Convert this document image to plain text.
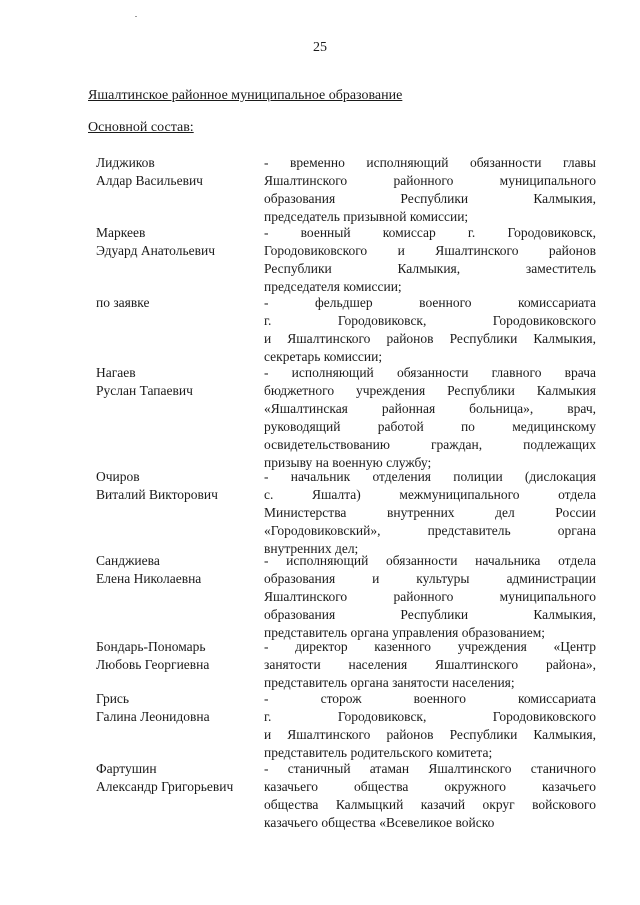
25
Яшалтинское районное муниципальное образование
Основной состав:
Лиджиков
Алдар Васильевич
- временно исполняющий обязанности главы
Яшалтинского районного муниципального
образования Республики Калмыкия,
председатель призывной комиссии;
Маркеев
Эдуард Анатольевич
- военный комиссар г. Городовиковск,
Городовиковского и Яшалтинского районов
Республики Калмыкия, заместитель
председателя комиссии;
по заявке	- фельдшер военного комиссариата
г. Городовиковск, Городовиковского
и Яшалтинского районов Республики Калмыкия,
секретарь комиссии;
Нагаев
Руслан Тапаевич
- исполняющий обязанности главного врача
бюджетного учреждения Республики Калмыкия
«Яшалтинская районная больница», врач,
руководящий работой по медицинскому
освидетельствованию граждан, подлежащих
призыву на военную службу;
Очиров
Виталий Викторович
- начальник отделения полиции (дислокация
с. Яшалта) межмуниципального отдела
Министерства внутренних дел России
«Городовиковский», представитель органа
внутренних дел;
Санджиева
Елена Николаевна
- исполняющий обязанности начальника отдела
образования и культуры администрации
Яшалтинского районного муниципального
образования Республики Калмыкия,
представитель органа управления образованием;
Бондарь-Пономарь
Любовь Георгиевна
- директор казенного учреждения «Центр
занятости населения Яшалтинского района»,
представитель органа занятости населения;
Грись
Галина Леонидовна
- сторож военного комиссариата
г. Городовиковск, Городовиковского
и Яшалтинского районов Республики Калмыкия,
представитель родительского комитета;
Фартушин
Александр Григорьевич
- станичный атаман Яшалтинского станичного
казачьего общества окружного казачьего
общества Калмыцкий казачий округ войскового
казачьего общества «Всевеликое войско
